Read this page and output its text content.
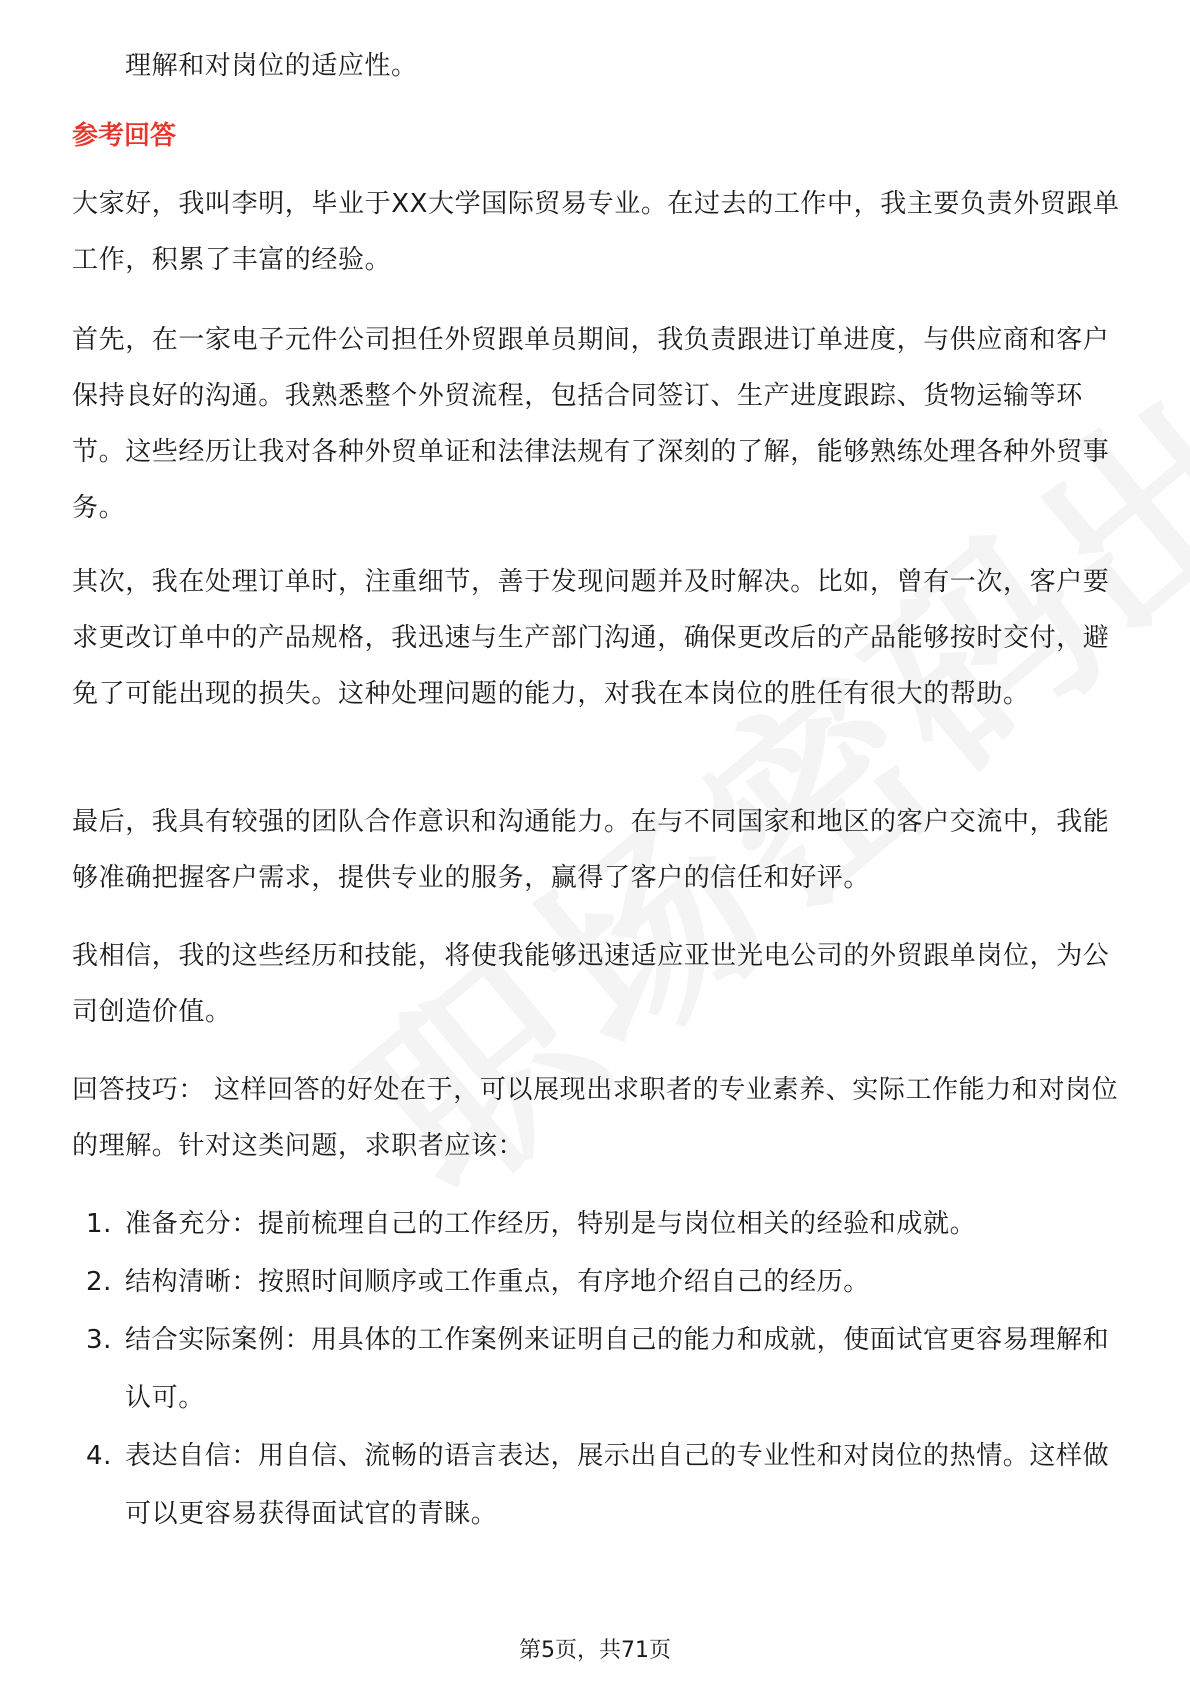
理解和对岗位的适应性。
参考回答
大家好，我叫李明，毕业于XX大学国际贸易专业。在过去的工作中，我主要负责外贸跟单工作，积累了丰富的经验。
首先，在一家电子元件公司担任外贸跟单员期间，我负责跟进订单进度，与供应商和客户保持良好的沟通。我熟悉整个外贸流程，包括合同签订、生产进度跟踪、货物运输等环节。这些经历让我对各种外贸单证和法律法规有了深刻的了解，能够熟练处理各种外贸事务。
其次，我在处理订单时，注重细节，善于发现问题并及时解决。比如，曾有一次，客户要求更改订单中的产品规格，我迅速与生产部门沟通，确保更改后的产品能够按时交付，避免了可能出现的损失。这种处理问题的能力，对我在本岗位的胜任有很大的帮助。
最后，我具有较强的团队合作意识和沟通能力。在与不同国家和地区的客户交流中，我能够准确把握客户需求，提供专业的服务，赢得了客户的信任和好评。
我相信，我的这些经历和技能，将使我能够迅速适应亚世光电公司的外贸跟单岗位，为公司创造价值。
回答技巧： 这样回答的好处在于，可以展现出求职者的专业素养、实际工作能力和对岗位的理解。针对这类问题，求职者应该：
1. 准备充分：提前梳理自己的工作经历，特别是与岗位相关的经验和成就。
2. 结构清晰：按照时间顺序或工作重点，有序地介绍自己的经历。
3. 结合实际案例：用具体的工作案例来证明自己的能力和成就，使面试官更容易理解和认可。
4. 表达自信：用自信、流畅的语言表达，展示出自己的专业性和对岗位的热情。这样做可以更容易获得面试官的青睐。
第5页，共71页
